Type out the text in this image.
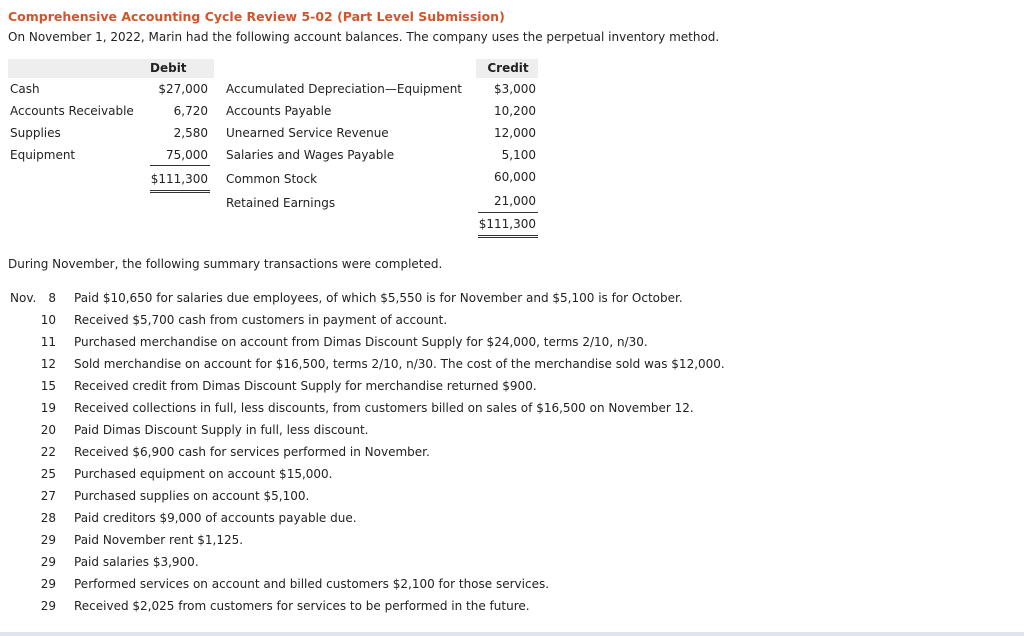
Comprehensive Accounting Cycle Review 5-02 (Part Level Submission)
On November 1, 2022, Marin had the following account balances. The company uses the perpetual inventory method.
Debit	Credit
Cash	$27,000
Accounts Receivable	6,720
Supplies	2,580
Equipment	75,000
$111,300
Accumulated Depreciation—Equipment	$3,000
Accounts Payable	10,200
Unearned Service Revenue	12,000
Salaries and Wages Payable	5,100
Common Stock	60,000
Retained Earnings	21,000
$111,300
During November, the following summary transactions were completed.
Nov.	8 Paid $10,650 for salaries due employees, of which $5,550 is for November and $5,100 is for October.
10 Received $5,700 cash from customers in payment of account.
11 Purchased merchandise on account from Dimas Discount Supply for $24,000, terms 2/10, n/30.
12 Sold merchandise on account for $16,500, terms 2/10, n/30. The cost of the merchandise sold was $12,000.
15 Received credit from Dimas Discount Supply for merchandise returned $900.
19 Received collections in full, less discounts, from customers billed on sales of $16,500 on November 12.
20 Paid Dimas Discount Supply in full, less discount.
22 Received $6,900 cash for services performed in November.
25 Purchased equipment on account $15,000.
27 Purchased supplies on account $5,100.
28 Paid creditors $9,000 of accounts payable due.
29 Paid November rent $1,125.
29 Paid salaries $3,900.
29 Performed services on account and billed customers $2,100 for those services.
29 Received $2,025 from customers for services to be performed in the future.
